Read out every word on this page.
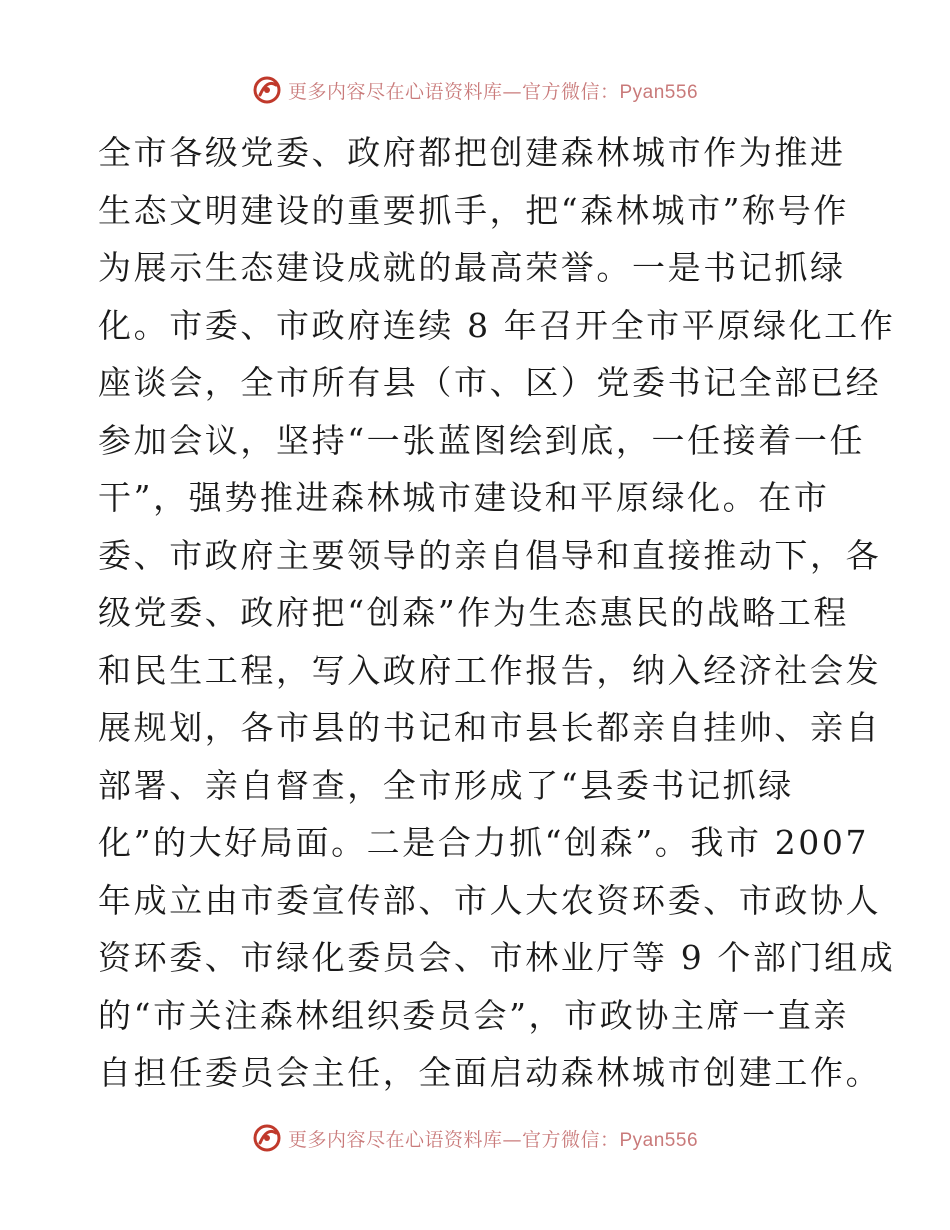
更多内容尽在心语资料库—官方微信：Pyan556
全市各级党委、政府都把创建森林城市作为推进
生态文明建设的重要抓手，把“森林城市”称号作
为展示生态建设成就的最高荣誉。一是书记抓绿
化。市委、市政府连续 8 年召开全市平原绿化工作
座谈会，全市所有县（市、区）党委书记全部已经
参加会议，坚持“一张蓝图绘到底，一任接着一任
干”，强势推进森林城市建设和平原绿化。在市
委、市政府主要领导的亲自倡导和直接推动下，各
级党委、政府把“创森”作为生态惠民的战略工程
和民生工程，写入政府工作报告，纳入经济社会发
展规划，各市县的书记和市县长都亲自挂帅、亲自
部署、亲自督查，全市形成了“县委书记抓绿
化”的大好局面。二是合力抓“创森”。我市 2007
年成立由市委宣传部、市人大农资环委、市政协人
资环委、市绿化委员会、市林业厅等 9 个部门组成
的“市关注森林组织委员会”，市政协主席一直亲
自担任委员会主任，全面启动森林城市创建工作。
更多内容尽在心语资料库—官方微信：Pyan556
